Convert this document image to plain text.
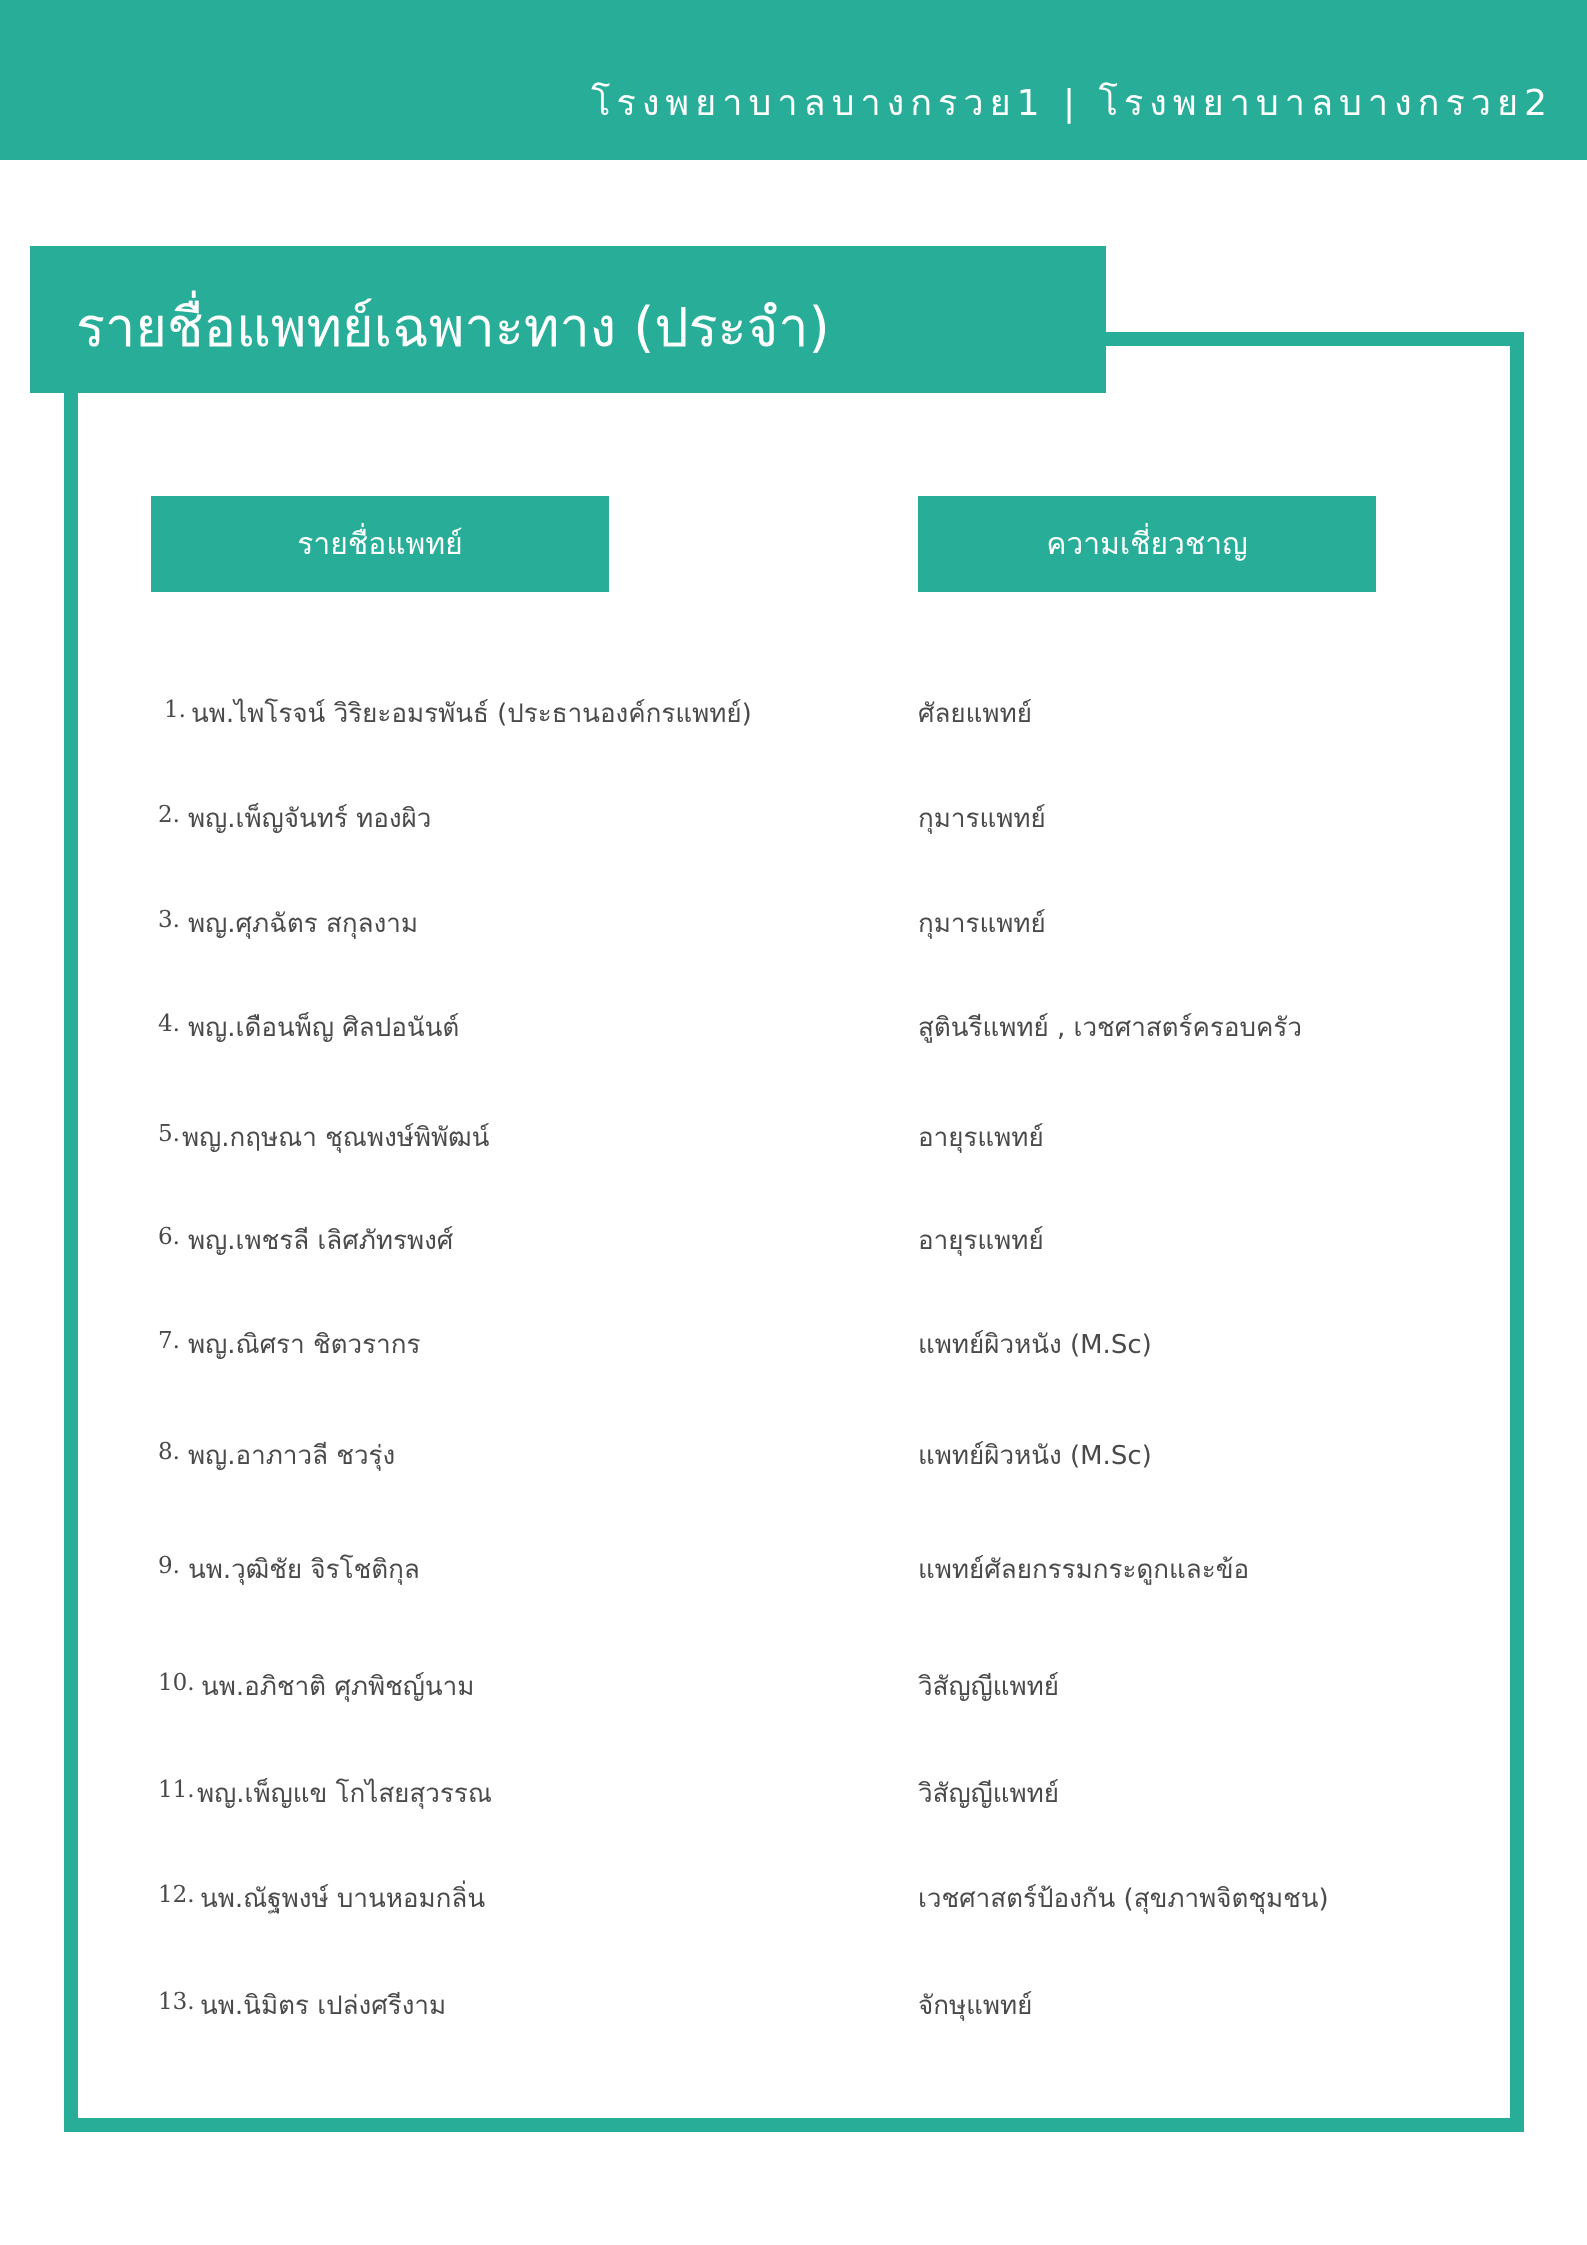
โรงพยาบาลบางกรวย1 | โรงพยาบาลบางกรวย2
รายชื่อแพทย์เฉพาะทาง (ประจำ)
รายชื่อแพทย์	ความเชี่ยวชาญ
1. นพ.ไพโรจน์ วิริยะอมรพันธ์ (ประธานองค์กรแพทย์)	ศัลยแพทย์
2. พญ.เพ็ญจันทร์ ทองผิว	กุมารแพทย์
3. พญ.ศุภฉัตร สกุลงาม	กุมารแพทย์
4. พญ.เดือนพ็ญ ศิลปอนันต์	สูตินรีแพทย์ , เวชศาสตร์ครอบครัว
5. พญ.กฤษณา ชุณพงษ์พิพัฒน์	อายุรแพทย์
6. พญ.เพชรลี เลิศภัทรพงศ์	อายุรแพทย์
7. พญ.ณิศรา ชิตวรากร	แพทย์ผิวหนัง (M.Sc)
8. พญ.อาภาวลี ชวรุ่ง	แพทย์ผิวหนัง (M.Sc)
9. นพ.วุฒิชัย จิรโชติกุล	แพทย์ศัลยกรรมกระดูกและข้อ
10. นพ.อภิชาติ ศุภพิชญ์นาม	วิสัญญีแพทย์
11. พญ.เพ็ญแข โกไสยสุวรรณ	วิสัญญีแพทย์
12. นพ.ณัฐพงษ์ บานหอมกลิ่น	เวชศาสตร์ป้องกัน (สุขภาพจิตชุมชน)
13. นพ.นิมิตร เปล่งศรีงาม	จักษุแพทย์
